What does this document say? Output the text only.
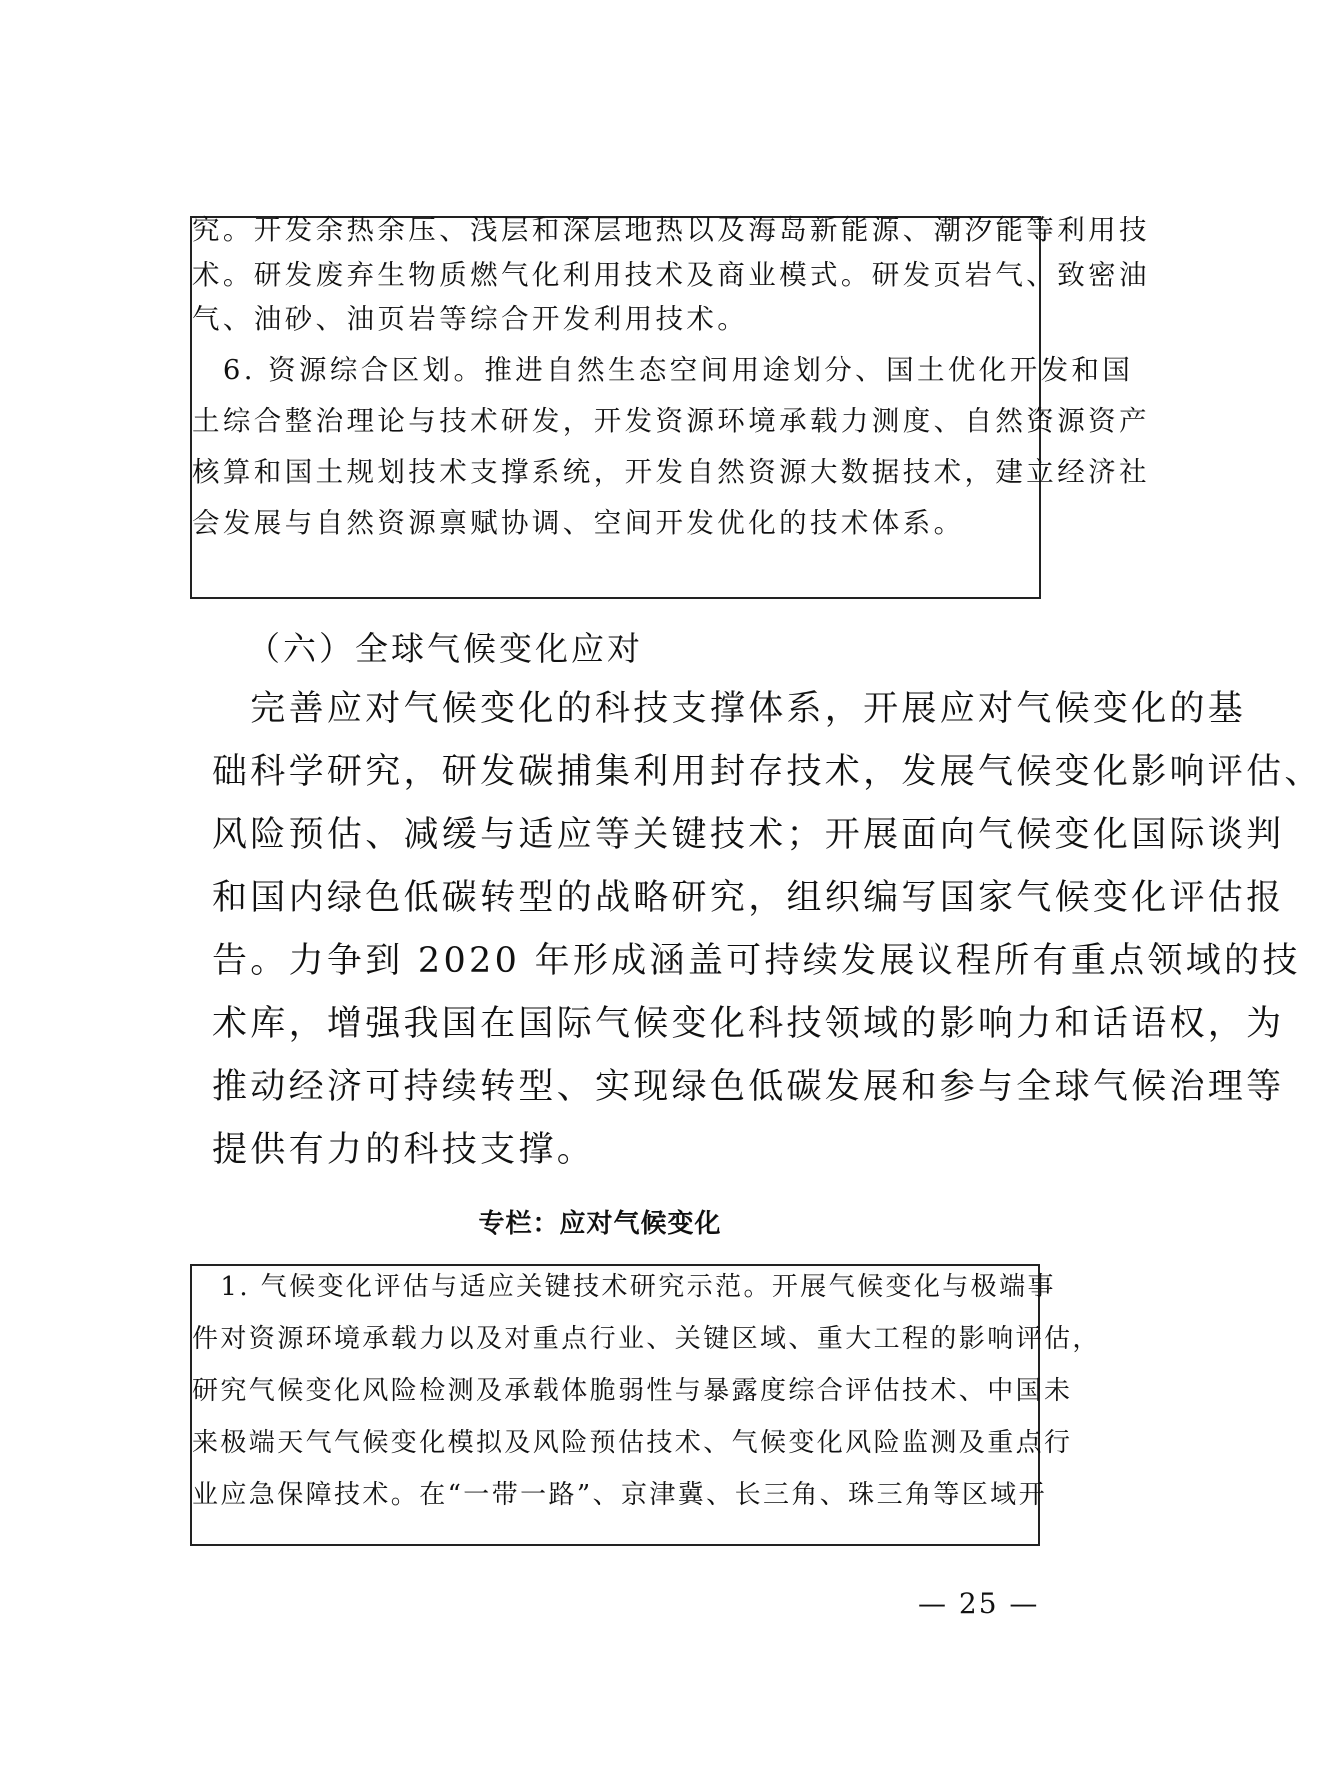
究。开发余热余压、浅层和深层地热以及海岛新能源、潮汐能等利用技
术。研发废弃生物质燃气化利用技术及商业模式。研发页岩气、致密油
气、油砂、油页岩等综合开发利用技术。
　6. 资源综合区划。推进自然生态空间用途划分、国土优化开发和国
土综合整治理论与技术研发，开发资源环境承载力测度、自然资源资产
核算和国土规划技术支撑系统，开发自然资源大数据技术，建立经济社
会发展与自然资源禀赋协调、空间开发优化的技术体系。
（六）全球气候变化应对
　完善应对气候变化的科技支撑体系，开展应对气候变化的基
础科学研究，研发碳捕集利用封存技术，发展气候变化影响评估、
风险预估、减缓与适应等关键技术；开展面向气候变化国际谈判
和国内绿色低碳转型的战略研究，组织编写国家气候变化评估报
告。力争到 2020 年形成涵盖可持续发展议程所有重点领域的技
术库，增强我国在国际气候变化科技领域的影响力和话语权，为
推动经济可持续转型、实现绿色低碳发展和参与全球气候治理等
提供有力的科技支撑。
专栏：应对气候变化
　1. 气候变化评估与适应关键技术研究示范。开展气候变化与极端事
件对资源环境承载力以及对重点行业、关键区域、重大工程的影响评估，
研究气候变化风险检测及承载体脆弱性与暴露度综合评估技术、中国未
来极端天气气候变化模拟及风险预估技术、气候变化风险监测及重点行
业应急保障技术。在“一带一路”、京津冀、长三角、珠三角等区域开
— 25 —
